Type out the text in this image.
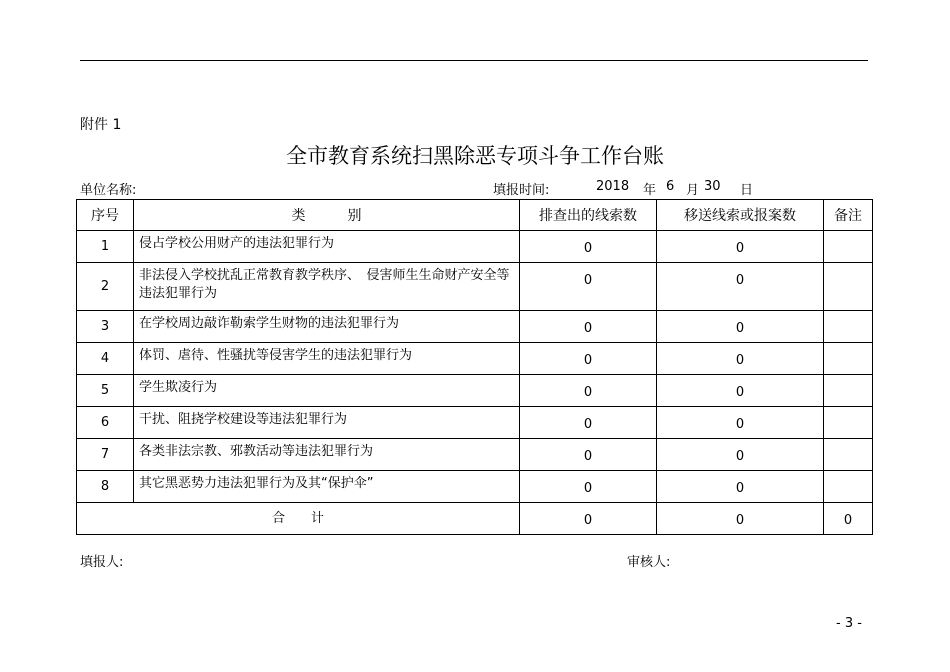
附件 1
全市教育系统扫黑除恶专项斗争工作台账
单位名称:	填报时间:	2018 年 6 月 30 日
序号	类　　　别	排查出的线索数	移送线索或报案数	备注
1	侵占学校公用财产的违法犯罪行为	0	0	
2	非法侵入学校扰乱正常教育教学秩序、　侵害师生生命财产安全等违法犯罪行为	0	0	
3	在学校周边敲诈勒索学生财物的违法犯罪行为	0	0	
4	体罚、虐待、性骚扰等侵害学生的违法犯罪行为	0	0	
5	学生欺凌行为	0	0	
6	干扰、阻挠学校建设等违法犯罪行为	0	0	
7	各类非法宗教、邪教活动等违法犯罪行为	0	0	
8	其它黑恶势力违法犯罪行为及其“保护伞”	0	0	
合　　计		0	0	0
填报人:	审核人:
- 3 -
